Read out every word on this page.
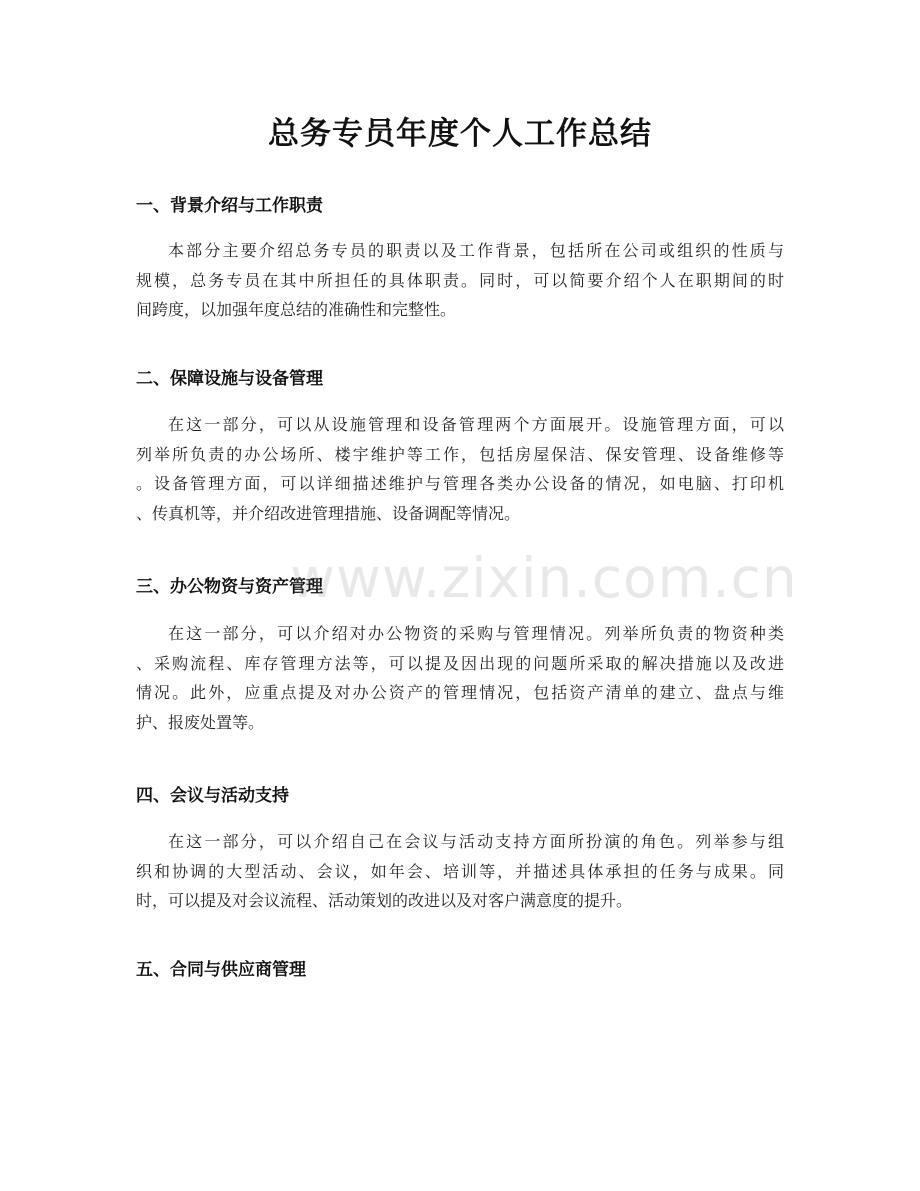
总务专员年度个人工作总结
一、背景介绍与工作职责

本部分主要介绍总务专员的职责以及工作背景，包括所在公司或组织的性质与
规模，总务专员在其中所担任的具体职责。同时，可以简要介绍个人在职期间的时
间跨度，以加强年度总结的准确性和完整性。

二、保障设施与设备管理

在这一部分，可以从设施管理和设备管理两个方面展开。设施管理方面，可以
列举所负责的办公场所、楼宇维护等工作，包括房屋保洁、保安管理、设备维修等
。设备管理方面，可以详细描述维护与管理各类办公设备的情况，如电脑、打印机
、传真机等，并介绍改进管理措施、设备调配等情况。

三、办公物资与资产管理

在这一部分，可以介绍对办公物资的采购与管理情况。列举所负责的物资种类
、采购流程、库存管理方法等，可以提及因出现的问题所采取的解决措施以及改进
情况。此外，应重点提及对办公资产的管理情况，包括资产清单的建立、盘点与维
护、报废处置等。

四、会议与活动支持

在这一部分，可以介绍自己在会议与活动支持方面所扮演的角色。列举参与组
织和协调的大型活动、会议，如年会、培训等，并描述具体承担的任务与成果。同
时，可以提及对会议流程、活动策划的改进以及对客户满意度的提升。

五、合同与供应商管理
www.zixin.com.cn
